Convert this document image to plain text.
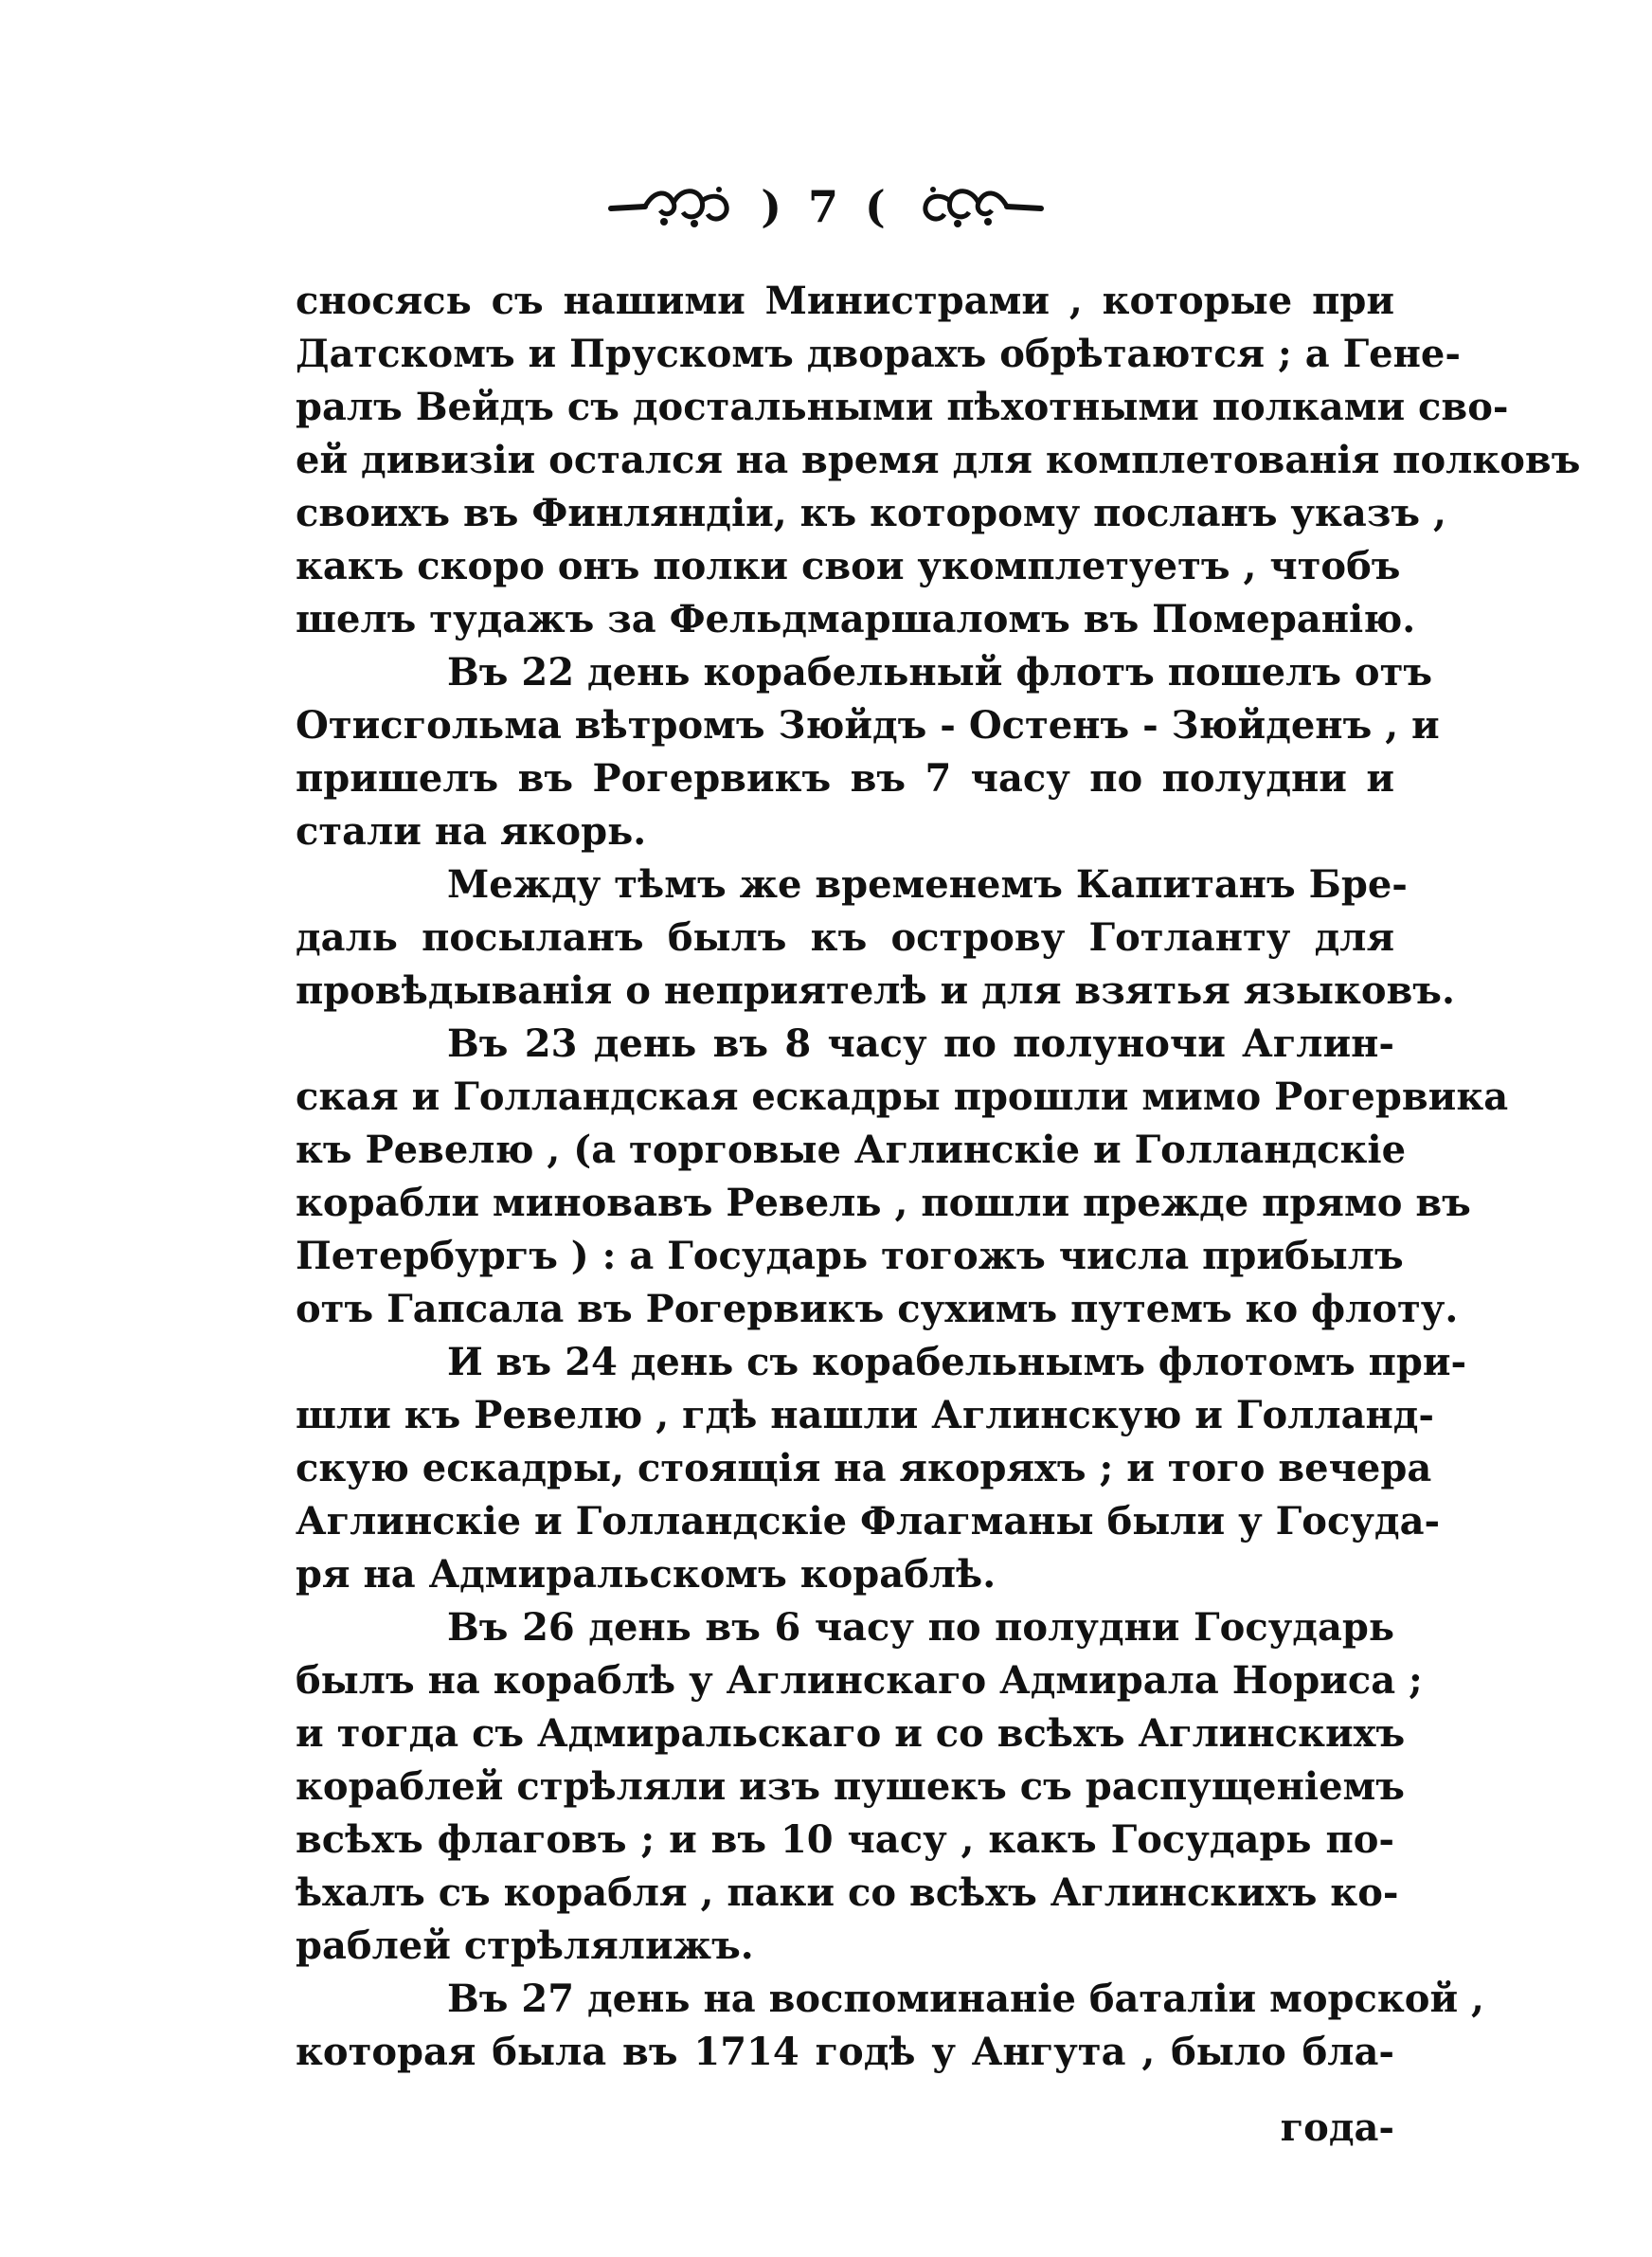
) 7 (
сносясь съ нашими Министрами , которые при
Датскомъ и Прускомъ дворахъ обрѣтаются ; а Гене-
ралъ Вейдъ съ достальными пѣхотными полками сво-
ей дивизіи остался на время для комплетованія полковъ
своихъ въ Финляндіи, къ которому посланъ указъ ,
какъ скоро онъ полки свои укомплетуетъ , чтобъ
шелъ тудажъ за Фельдмаршаломъ въ Померанію.
Въ 22 день корабельный флотъ пошелъ отъ
Отисгольма вѣтромъ Зюйдъ - Остенъ - Зюйденъ , и
пришелъ въ Рогервикъ въ 7 часу по полудни и
стали на якорь.
Между тѣмъ же временемъ Капитанъ Бре-
даль посыланъ былъ къ острову Готланту для
провѣдыванія о неприятелѣ и для взятья языковъ.
Въ 23 день въ 8 часу по полуночи Аглин-
ская и Голландская ескадры прошли мимо Рогервика
къ Ревелю , (а торговые Аглинскіе и Голландскіе
корабли миновавъ Ревель , пошли прежде прямо въ
Петербургъ ) : а Государь тогожъ числа прибылъ
отъ Гапсала въ Рогервикъ сухимъ путемъ ко флоту.
И въ 24 день съ корабельнымъ флотомъ при-
шли къ Ревелю , гдѣ нашли Аглинскую и Голланд-
скую ескадры, стоящія на якоряхъ ; и того вечера
Аглинскіе и Голландскіе Флагманы были у Госуда-
ря на Адмиральскомъ кораблѣ.
Въ 26 день въ 6 часу по полудни Государь
былъ на кораблѣ у Аглинскаго Адмирала Нориса ;
и тогда съ Адмиральскаго и со всѣхъ Аглинскихъ
кораблей стрѣляли изъ пушекъ съ распущеніемъ
всѣхъ флаговъ ; и въ 10 часу , какъ Государь по-
ѣхалъ съ корабля , паки со всѣхъ Аглинскихъ ко-
раблей стрѣлялижъ.
Въ 27 день на воспоминаніе баталіи морской ,
которая была въ 1714 годѣ у Ангута , было бла-
года-
